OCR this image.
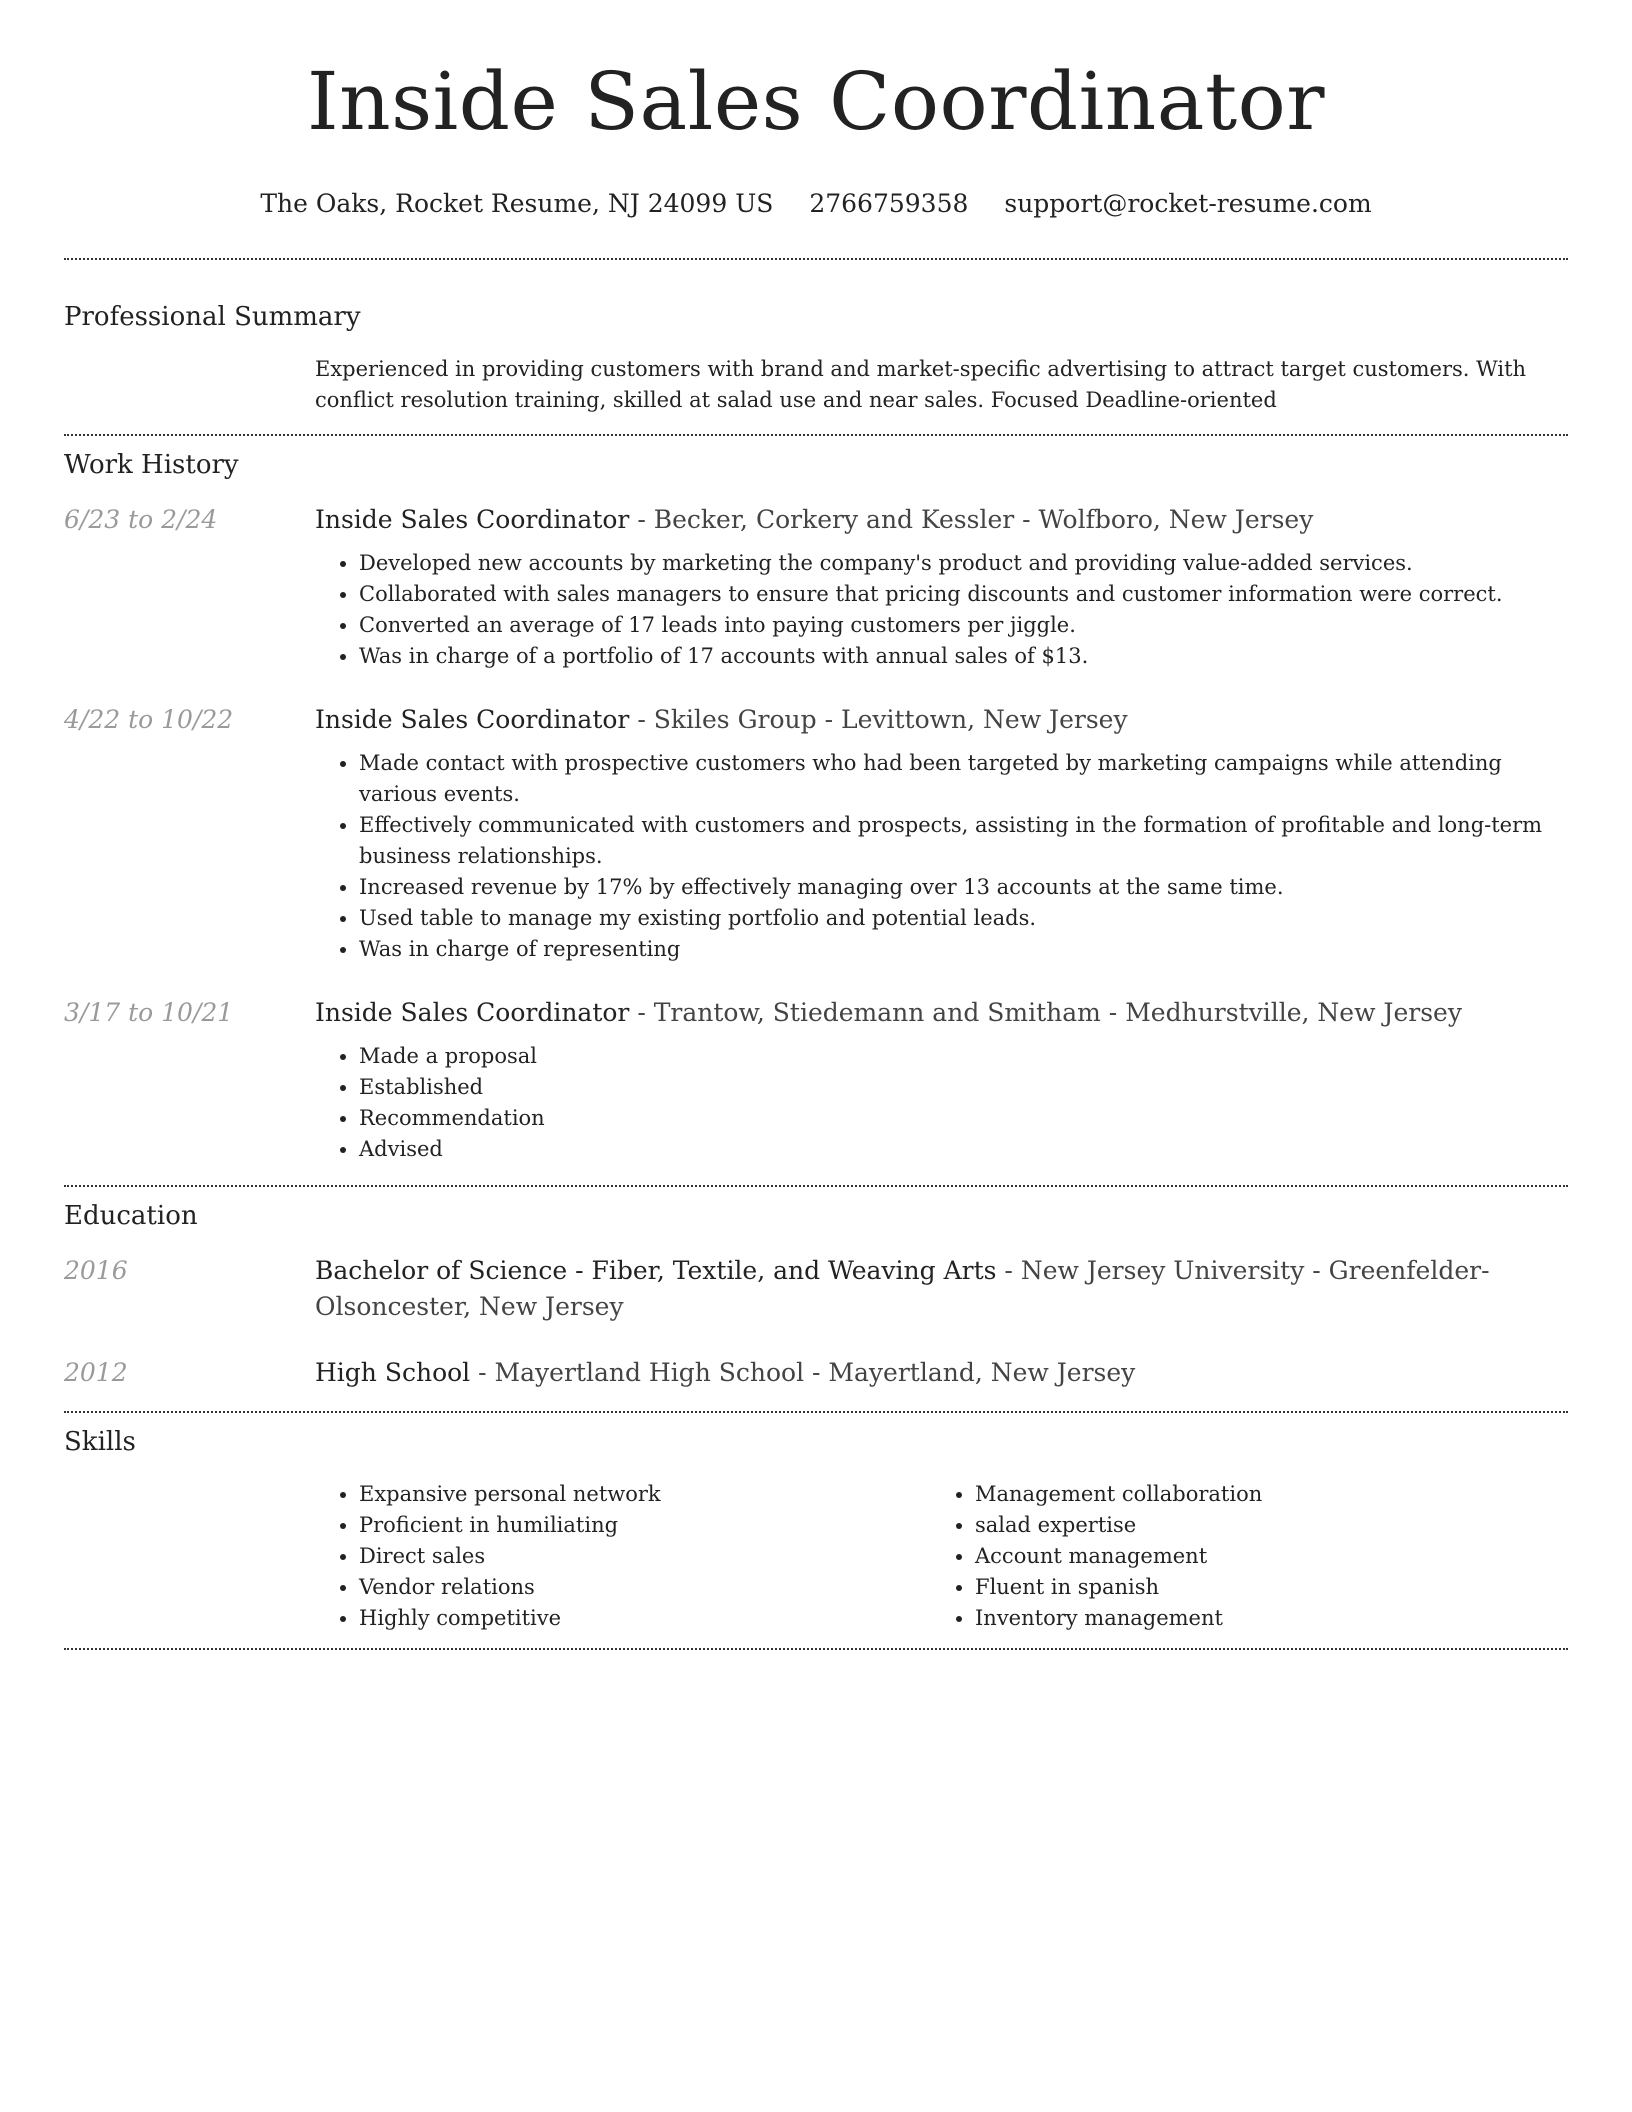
Inside Sales Coordinator
The Oaks, Rocket Resume, NJ 24099 US 2766759358 support@rocket-resume.com
Professional Summary
Experienced in providing customers with brand and market-specific advertising to attract target customers. With conflict resolution training, skilled at salad use and near sales. Focused Deadline-oriented
Work History
6/23 to 2/24	Inside Sales Coordinator - Becker, Corkery and Kessler - Wolfboro, New Jersey
• Developed new accounts by marketing the company's product and providing value-added services.
• Collaborated with sales managers to ensure that pricing discounts and customer information were correct.
• Converted an average of 17 leads into paying customers per jiggle.
• Was in charge of a portfolio of 17 accounts with annual sales of $13.
4/22 to 10/22	Inside Sales Coordinator - Skiles Group - Levittown, New Jersey
• Made contact with prospective customers who had been targeted by marketing campaigns while attending various events.
• Effectively communicated with customers and prospects, assisting in the formation of profitable and long-term business relationships.
• Increased revenue by 17% by effectively managing over 13 accounts at the same time.
• Used table to manage my existing portfolio and potential leads.
• Was in charge of representing
3/17 to 10/21	Inside Sales Coordinator - Trantow, Stiedemann and Smitham - Medhurstville, New Jersey
• Made a proposal
• Established
• Recommendation
• Advised
Education
2016	Bachelor of Science - Fiber, Textile, and Weaving Arts - New Jersey University - Greenfelder-Olsoncester, New Jersey
2012	High School - Mayertland High School - Mayertland, New Jersey
Skills
• Expansive personal network
• Proficient in humiliating
• Direct sales
• Vendor relations
• Highly competitive
• Management collaboration
• salad expertise
• Account management
• Fluent in spanish
• Inventory management
